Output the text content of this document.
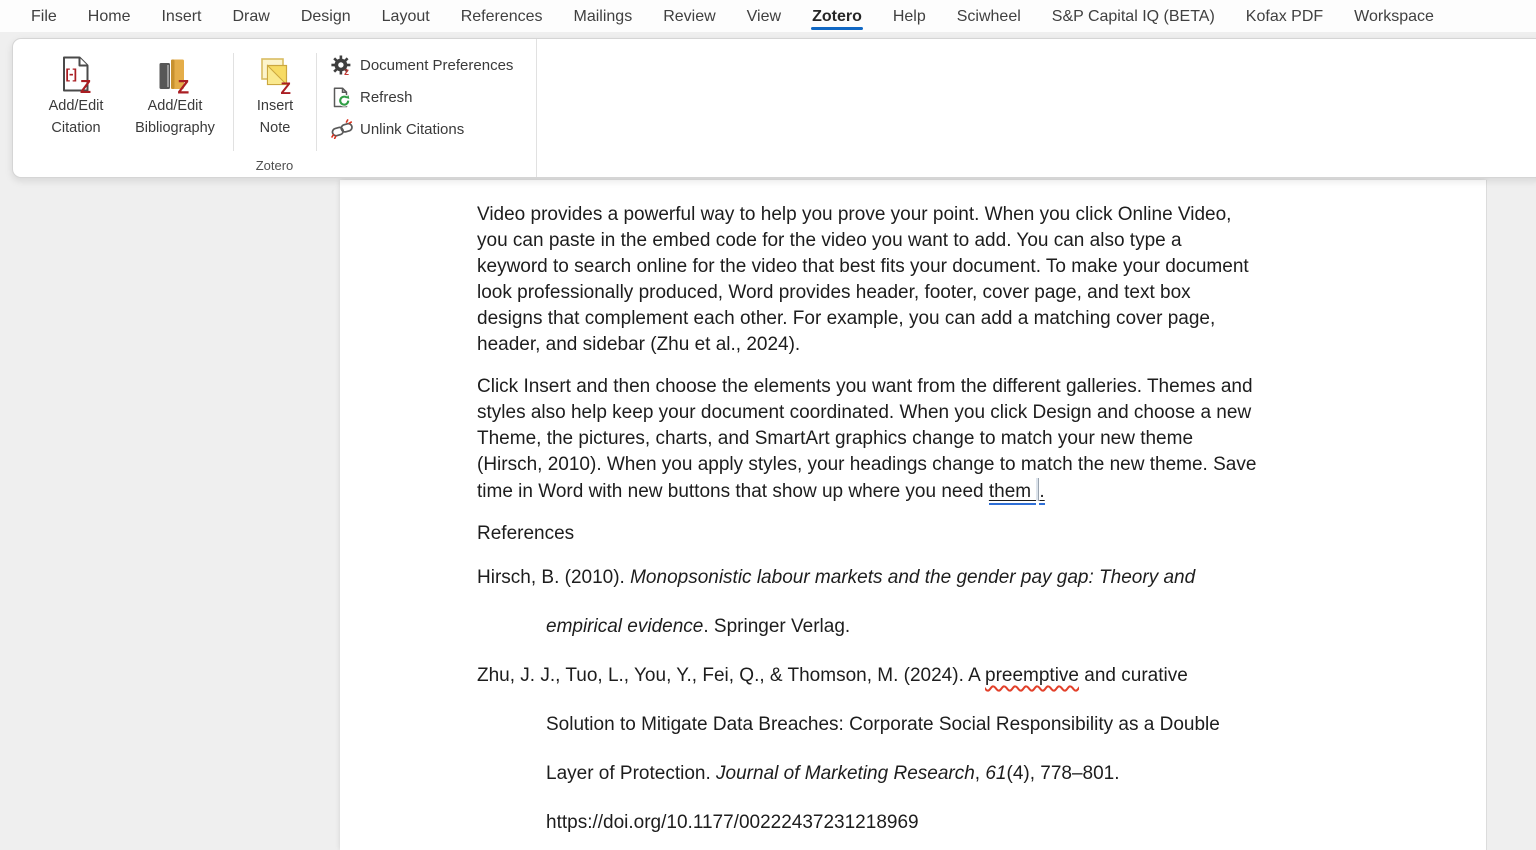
File Home Insert Draw Design Layout References Mailings Review View Zotero Help Sciwheel S&P Capital IQ (BETA) Kofax PDF Workspace
Video provides a powerful way to help you prove your point. When you click Online Video,
you can paste in the embed code for the video you want to add. You can also type a
keyword to search online for the video that best fits your document. To make your document
look professionally produced, Word provides header, footer, cover page, and text box
designs that complement each other. For example, you can add a matching cover page,
header, and sidebar (Zhu et al., 2024).
Click Insert and then choose the elements you want from the different galleries. Themes and
styles also help keep your document coordinated. When you click Design and choose a new
Theme, the pictures, charts, and SmartArt graphics change to match your new theme
(Hirsch, 2010). When you apply styles, your headings change to match the new theme. Save
time in Word with new buttons that show up where you need them .
References
Hirsch, B. (2010). Monopsonistic labour markets and the gender pay gap: Theory and
empirical evidence. Springer Verlag.
Zhu, J. J., Tuo, L., You, Y., Fei, Q., & Thomson, M. (2024). A preemptive and curative
Solution to Mitigate Data Breaches: Corporate Social Responsibility as a Double
Layer of Protection. Journal of Marketing Research, 61(4), 778–801.
https://doi.org/10.1177/00222437231218969
[-]
Z
Add/Edit
Citation
Z
Add/Edit
Bibliography
Z
Insert
Note
z Document Preferences
Refresh
Unlink Citations
Zotero
